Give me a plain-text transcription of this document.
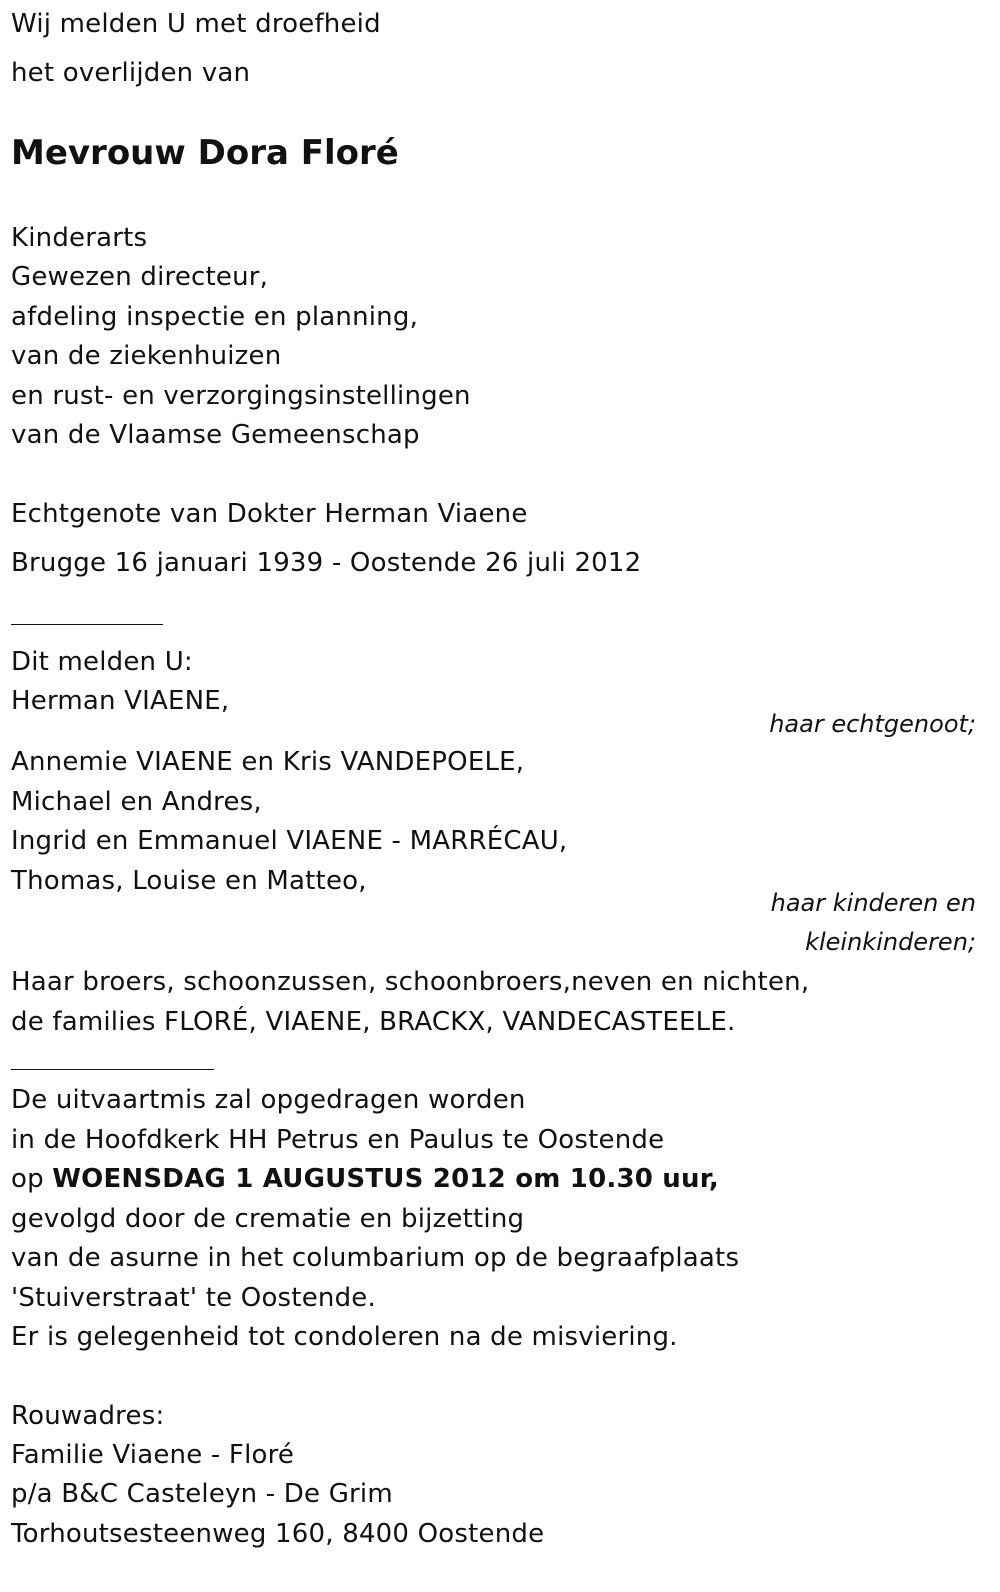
Wij melden U met droefheid
het overlijden van
Mevrouw Dora Floré
Kinderarts
Gewezen directeur,
afdeling inspectie en planning,
van de ziekenhuizen
en rust- en verzorgingsinstellingen
van de Vlaamse Gemeenschap
Echtgenote van Dokter Herman Viaene
Brugge 16 januari 1939 - Oostende 26 juli 2012
Dit melden U:
Herman VIAENE,
haar echtgenoot;
Annemie VIAENE en Kris VANDEPOELE,
Michael en Andres,
Ingrid en Emmanuel VIAENE - MARRÉCAU,
Thomas, Louise en Matteo,
haar kinderen en
kleinkinderen;
Haar broers, schoonzussen, schoonbroers,neven en nichten,
de families FLORÉ, VIAENE, BRACKX, VANDECASTEELE.
De uitvaartmis zal opgedragen worden
in de Hoofdkerk HH Petrus en Paulus te Oostende
op WOENSDAG 1 AUGUSTUS 2012 om 10.30 uur,
gevolgd door de crematie en bijzetting
van de asurne in het columbarium op de begraafplaats
'Stuiverstraat' te Oostende.
Er is gelegenheid tot condoleren na de misviering.
Rouwadres:
Familie Viaene - Floré
p/a B&C Casteleyn - De Grim
Torhoutsesteenweg 160, 8400 Oostende
